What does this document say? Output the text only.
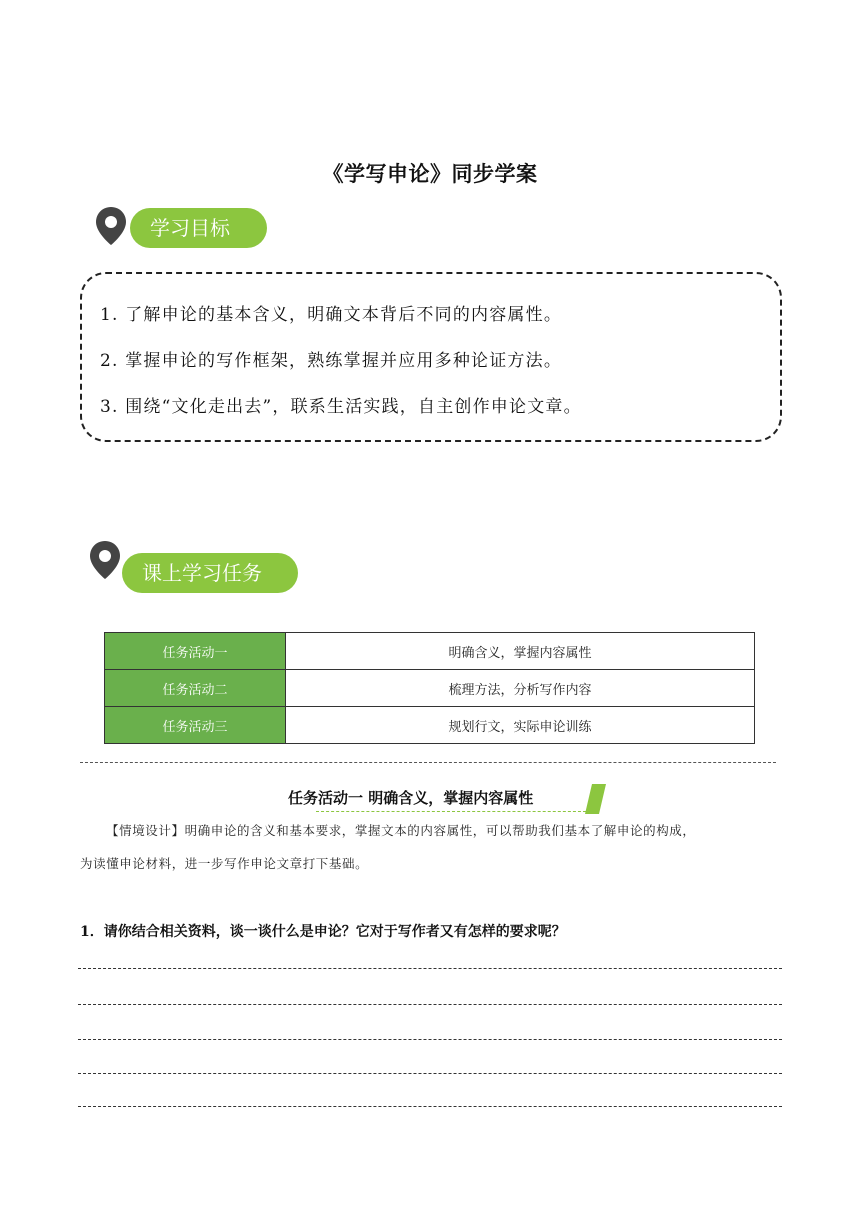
《学写申论》同步学案
学习目标
1. 了解申论的基本含义，明确文本背后不同的内容属性。
2. 掌握申论的写作框架，熟练掌握并应用多种论证方法。
3. 围绕“文化走出去”，联系生活实践，自主创作申论文章。
课上学习任务
任务活动一	明确含义，掌握内容属性
任务活动二	梳理方法，分析写作内容
任务活动三	规划行文，实际申论训练
任务活动一 明确含义，掌握内容属性
【情境设计】明确申论的含义和基本要求，掌握文本的内容属性，可以帮助我们基本了解申论的构成，
为读懂申论材料，进一步写作申论文章打下基础。
1．请你结合相关资料，谈一谈什么是申论？它对于写作者又有怎样的要求呢？
